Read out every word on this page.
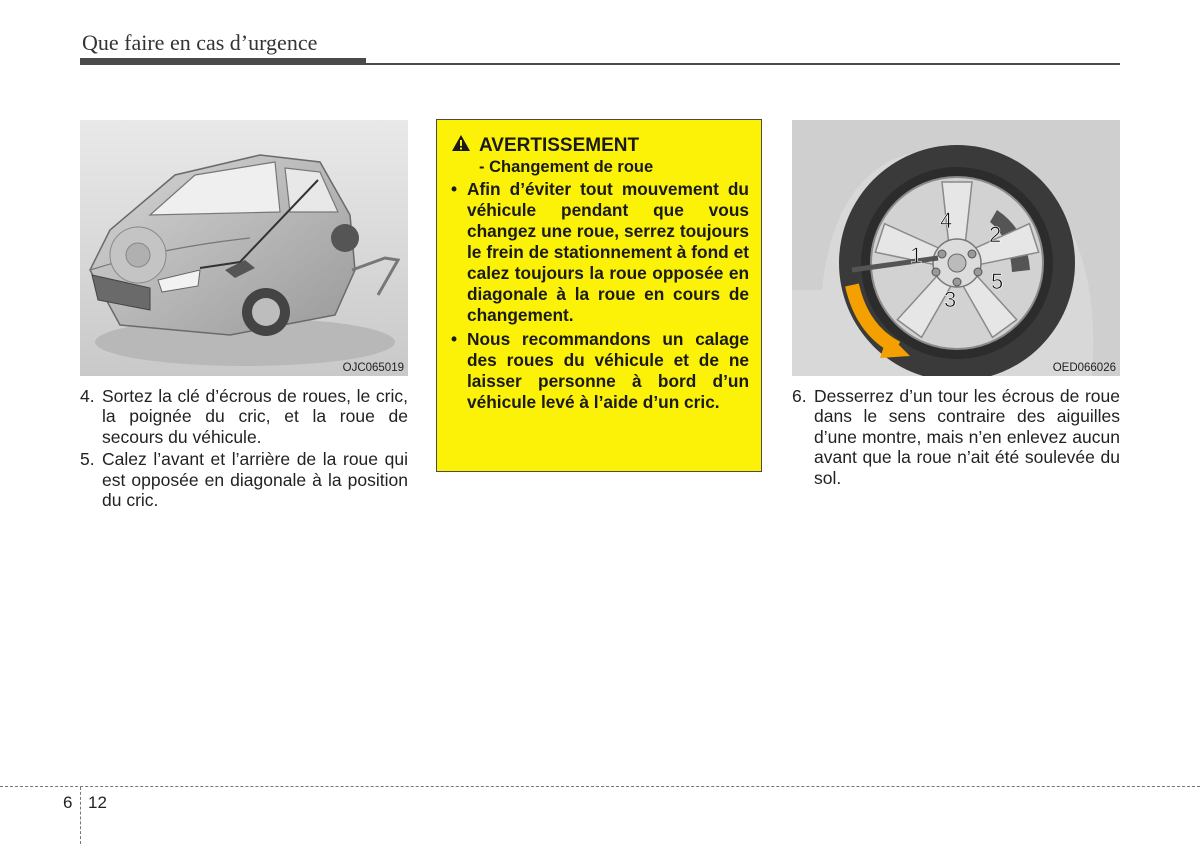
Que faire en cas d’urgence
OJC065019
4. Sortez la clé d’écrous de roues, le cric, la poignée du cric, et la roue de secours du véhicule.
5. Calez l’avant et l’arrière de la roue qui est opposée en diagonale à la position du cric.
AVERTISSEMENT
- Changement de roue
• Afin d’éviter tout mouvement du véhicule pendant que vous changez une roue, serrez toujours le frein de stationnement à fond et calez toujours la roue opposée en diagonale à la roue en cours de changement.
• Nous recommandons un calage des roues du véhicule et de ne laisser personne à bord d’un véhicule levé à l’aide d’un cric.
1
2
3
4
5
OED066026
6. Desserrez d’un tour les écrous de roue dans le sens contraire des aiguilles d’une montre, mais n’en enlevez aucun avant que la roue n’ait été soulevée du sol.
6 12
